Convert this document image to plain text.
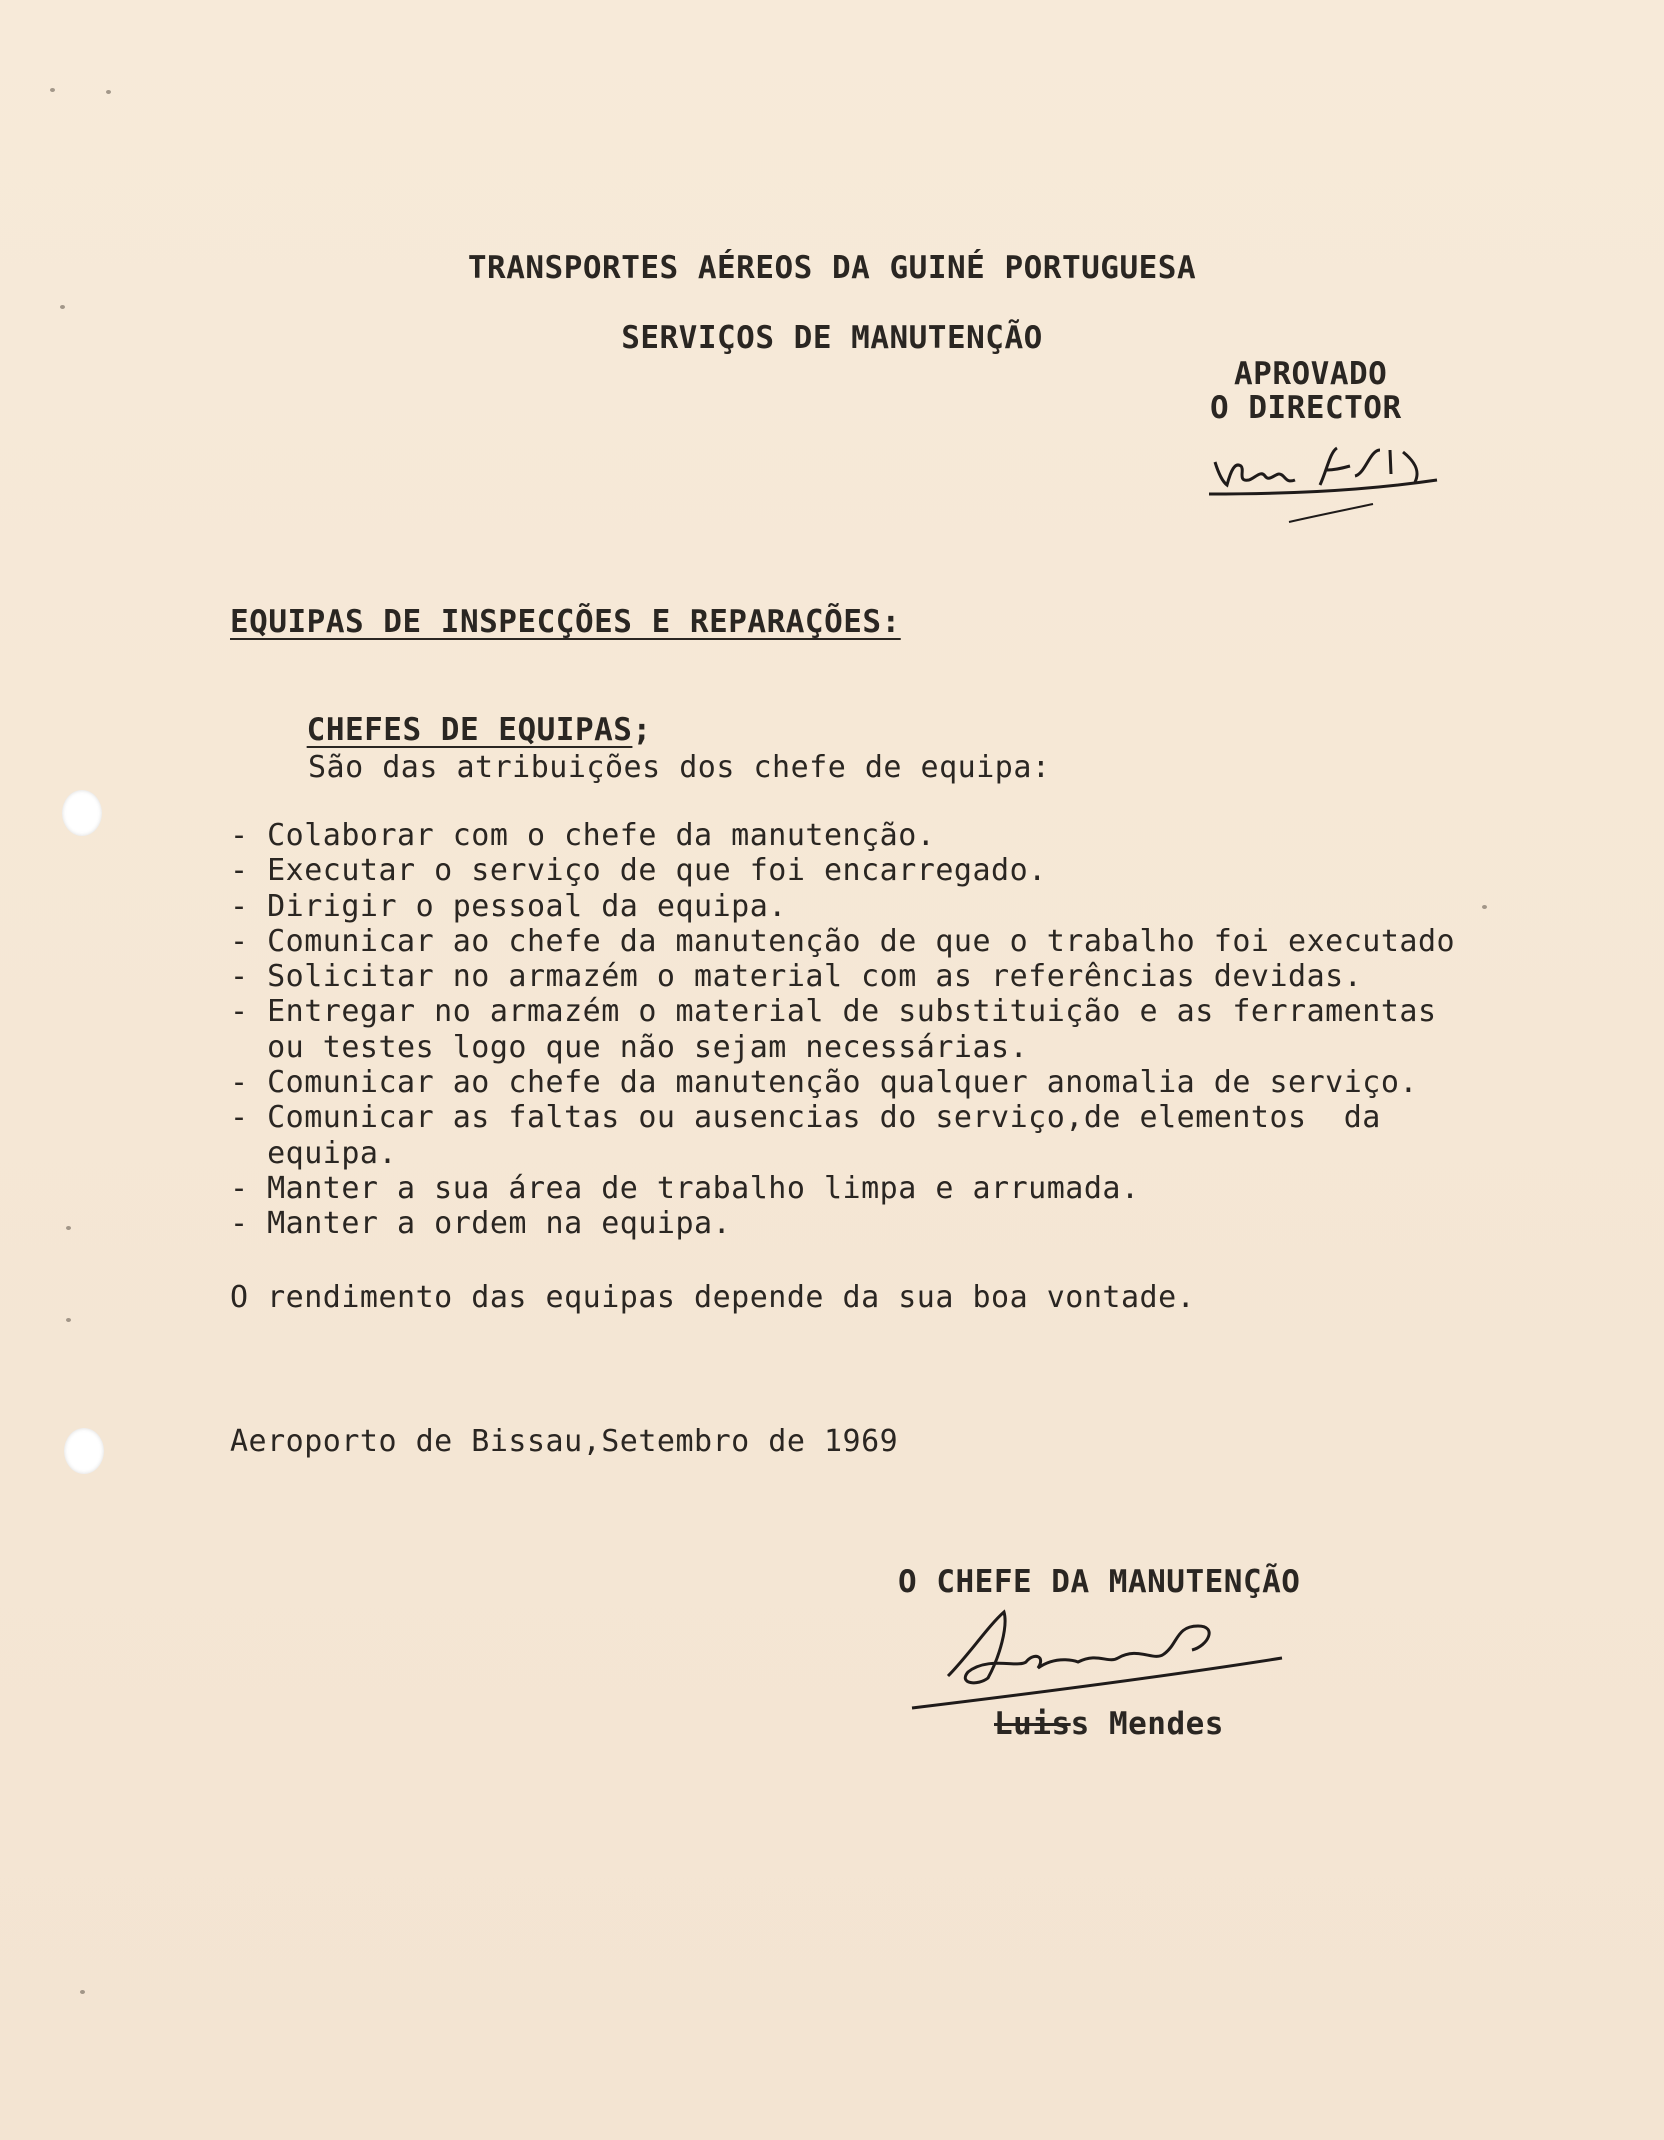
TRANSPORTES AÉREOS DA GUINÉ PORTUGUESA
SERVIÇOS DE MANUTENÇÃO
APROVADO
O DIRECTOR
EQUIPAS DE INSPECÇÕES E REPARAÇÕES:

CHEFES DE EQUIPAS;

São das atribuições dos chefe de equipa:
- Colaborar com o chefe da manutenção.
- Executar o serviço de que foi encarregado.
- Dirigir o pessoal da equipa.
- Comunicar ao chefe da manutenção de que o trabalho foi executado
- Solicitar no armazém o material com as referências devidas.
- Entregar no armazém o material de substituição e as ferramentas
ou testes logo que não sejam necessárias.
- Comunicar ao chefe da manutenção qualquer anomalia de serviço.
- Comunicar as faltas ou ausencias do serviço,de elementos  da
equipa.
- Manter a sua área de trabalho limpa e arrumada.
- Manter a ordem na equipa.
O rendimento das equipas depende da sua boa vontade.
Aeroporto de Bissau,Setembro de 1969
O CHEFE DA MANUTENÇÃO
Luiss Mendes
